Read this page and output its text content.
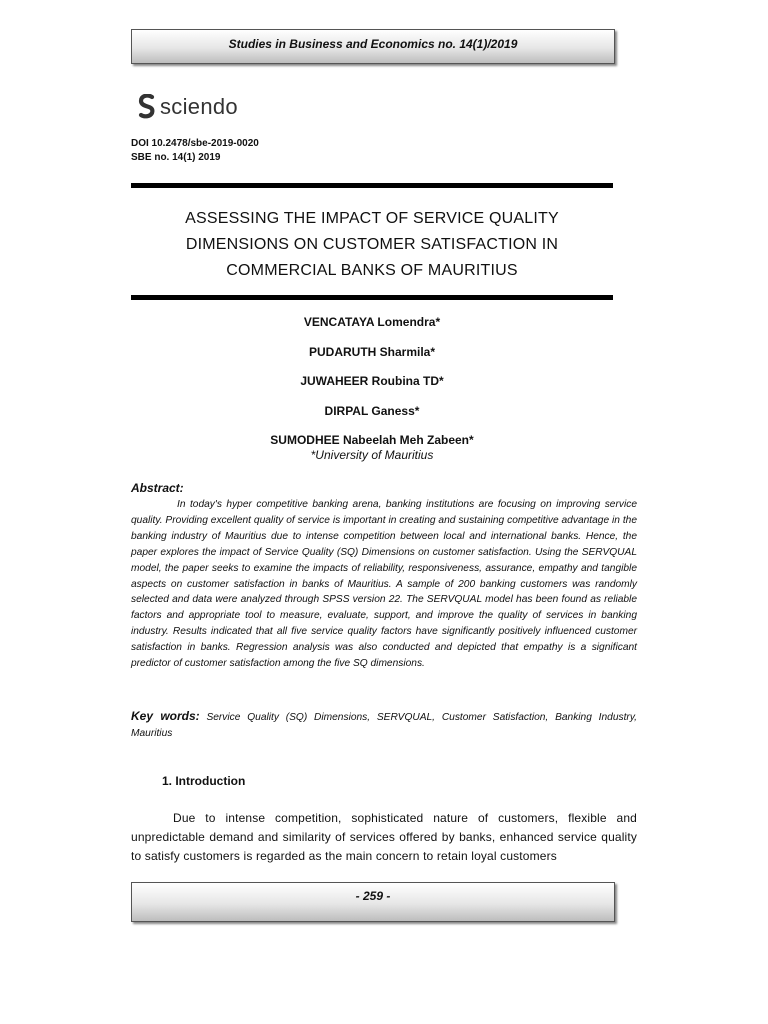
Studies in Business and Economics no. 14(1)/2019
sciendo
DOI 10.2478/sbe-2019-0020
SBE no. 14(1) 2019
ASSESSING THE IMPACT OF SERVICE QUALITY
DIMENSIONS ON CUSTOMER SATISFACTION IN
COMMERCIAL BANKS OF MAURITIUS
VENCATAYA Lomendra*
PUDARUTH Sharmila*
JUWAHEER Roubina TD*
DIRPAL Ganess*
SUMODHEE Nabeelah Meh Zabeen*
*University of Mauritius
Abstract:
In today's hyper competitive banking arena, banking institutions are focusing on improving service quality. Providing excellent quality of service is important in creating and sustaining competitive advantage in the banking industry of Mauritius due to intense competition between local and international banks. Hence, the paper explores the impact of Service Quality (SQ) Dimensions on customer satisfaction. Using the SERVQUAL model, the paper seeks to examine the impacts of reliability, responsiveness, assurance, empathy and tangible aspects on customer satisfaction in banks of Mauritius. A sample of 200 banking customers was randomly selected and data were analyzed through SPSS version 22. The SERVQUAL model has been found as reliable factors and appropriate tool to measure, evaluate, support, and improve the quality of services in banking industry. Results indicated that all five service quality factors have significantly positively influenced customer satisfaction in banks. Regression analysis was also conducted and depicted that empathy is a significant predictor of customer satisfaction among the five SQ dimensions.
Key words: Service Quality (SQ) Dimensions, SERVQUAL, Customer Satisfaction, Banking Industry, Mauritius
1. Introduction
Due to intense competition, sophisticated nature of customers, flexible and unpredictable demand and similarity of services offered by banks, enhanced service quality to satisfy customers is regarded as the main concern to retain loyal customers
- 259 -
